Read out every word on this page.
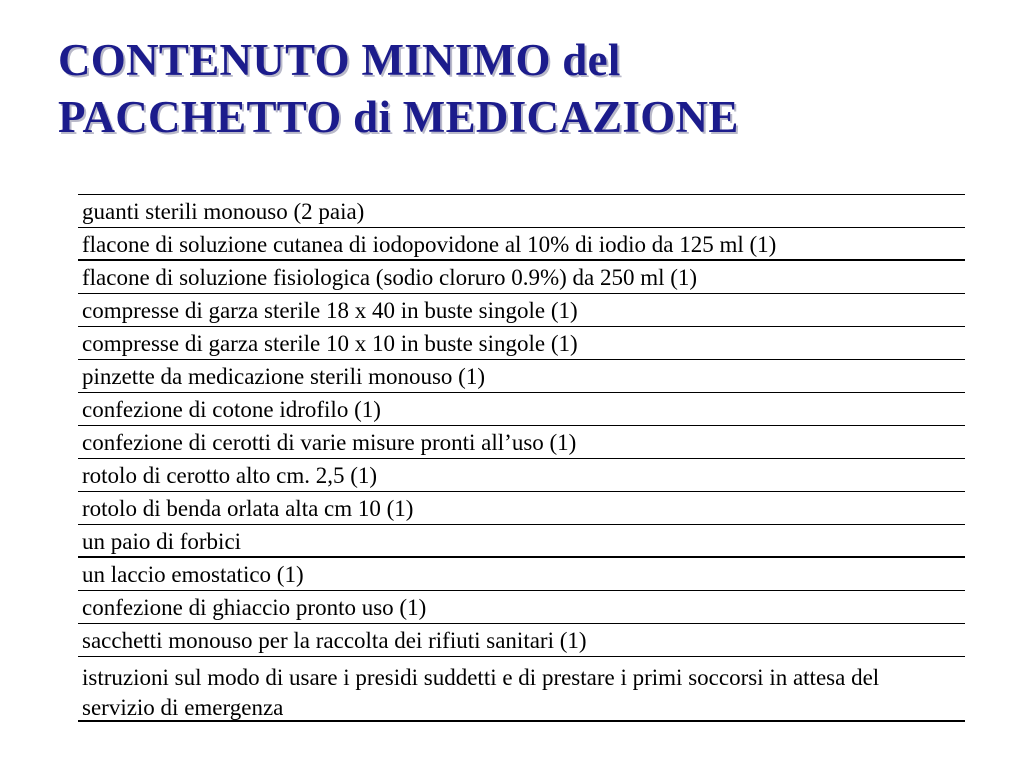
CONTENUTO MINIMO del
PACCHETTO di MEDICAZIONE
guanti sterili monouso (2 paia)
flacone di soluzione cutanea di iodopovidone al 10% di iodio da 125 ml (1)
flacone di soluzione fisiologica (sodio cloruro 0.9%) da 250 ml (1)
compresse di garza sterile 18 x 40 in buste singole (1)
compresse di garza sterile 10 x 10 in buste singole (1)
pinzette da medicazione sterili monouso (1)
confezione di cotone idrofilo (1)
confezione di cerotti di varie misure pronti all’uso (1)
rotolo di cerotto alto cm. 2,5 (1)
rotolo di benda orlata alta cm 10 (1)
un paio di forbici
un laccio emostatico (1)
confezione di ghiaccio pronto uso (1)
sacchetti monouso per la raccolta dei rifiuti sanitari (1)
istruzioni sul modo di usare i presidi suddetti e di prestare i primi soccorsi in attesa del servizio di emergenza
